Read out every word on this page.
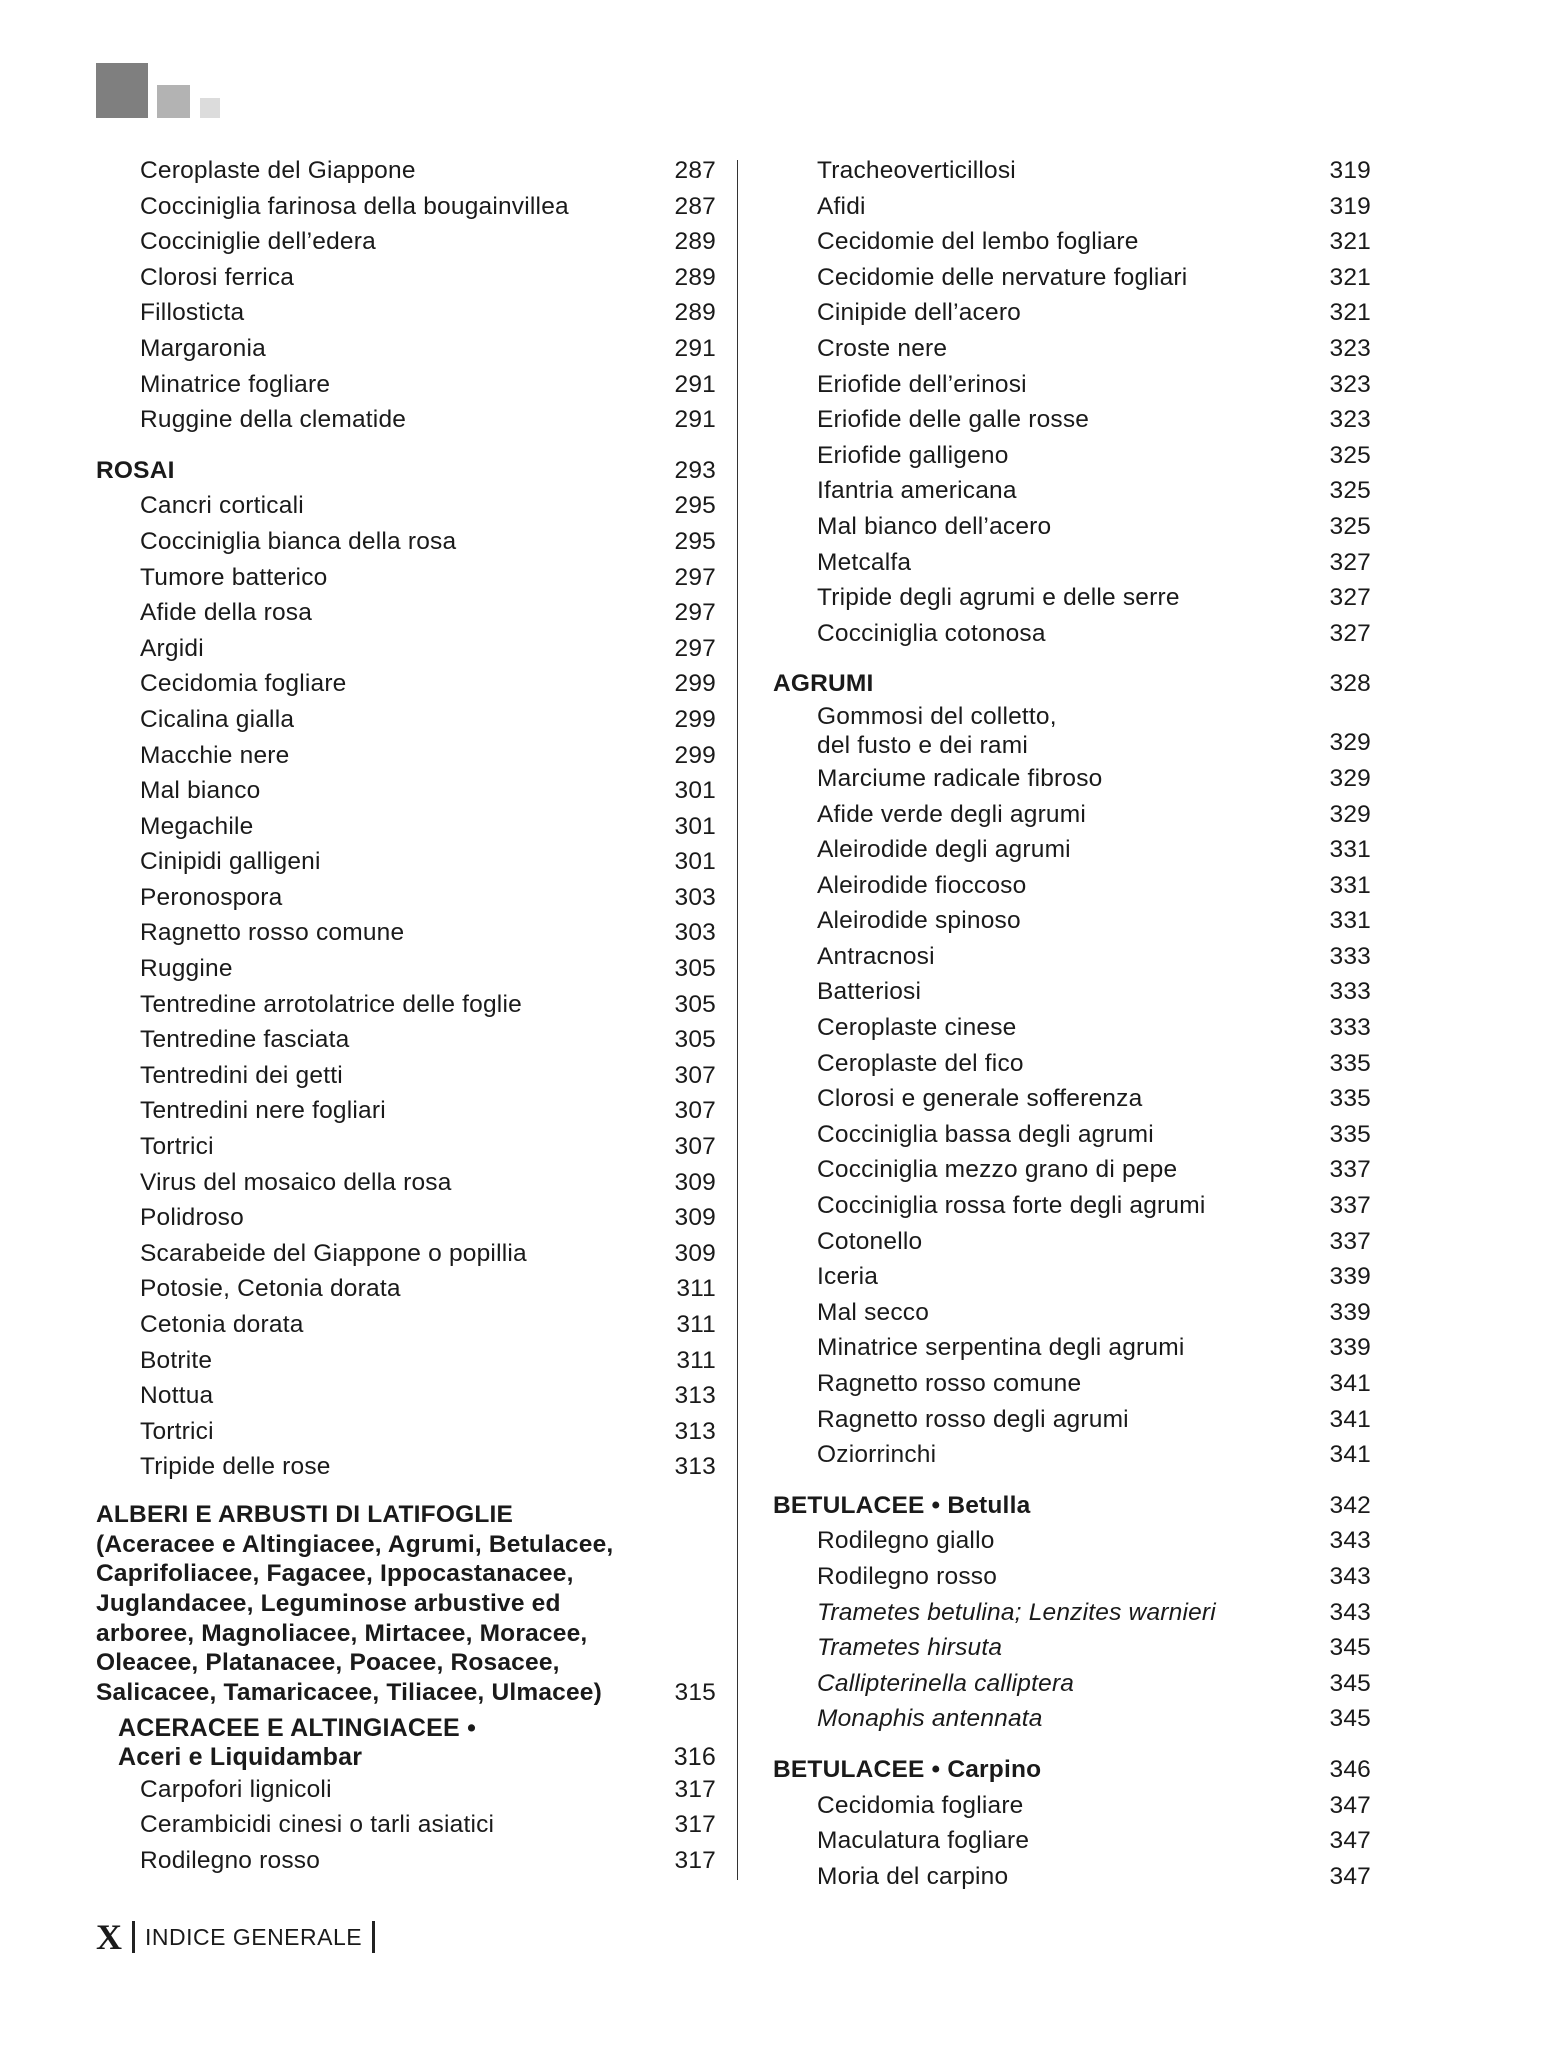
Ceroplaste del Giappone	287
Cocciniglia farinosa della bougainvillea	287
Cocciniglie dell’edera	289
Clorosi ferrica	289
Fillosticta	289
Margaronia	291
Minatrice fogliare	291
Ruggine della clematide	291
ROSAI	293
Cancri corticali	295
Cocciniglia bianca della rosa	295
Tumore batterico	297
Afide della rosa	297
Argidi	297
Cecidomia fogliare	299
Cicalina gialla	299
Macchie nere	299
Mal bianco	301
Megachile	301
Cinipidi galligeni	301
Peronospora	303
Ragnetto rosso comune	303
Ruggine	305
Tentredine arrotolatrice delle foglie	305
Tentredine fasciata	305
Tentredini dei getti	307
Tentredini nere fogliari	307
Tortrici	307
Virus del mosaico della rosa	309
Polidroso	309
Scarabeide del Giappone o popillia	309
Potosie, Cetonia dorata	311
Cetonia dorata	311
Botrite	311
Nottua	313
Tortrici	313
Tripide delle rose	313
ALBERI E ARBUSTI DI LATIFOGLIE
(Aceracee e Altingiacee, Agrumi, Betulacee,
Caprifoliacee, Fagacee, Ippocastanacee,
Juglandacee, Leguminose arbustive ed
arboree, Magnoliacee, Mirtacee, Moracee,
Oleacee, Platanacee, Poacee, Rosacee,
Salicacee, Tamaricacee, Tiliacee, Ulmacee)	315
ACERACEE E ALTINGIACEE •
Aceri e Liquidambar	316
Carpofori lignicoli	317
Cerambicidi cinesi o tarli asiatici	317
Rodilegno rosso	317
Tracheoverticillosi	319
Afidi	319
Cecidomie del lembo fogliare	321
Cecidomie delle nervature fogliari	321
Cinipide dell’acero	321
Croste nere	323
Eriofide dell’erinosi	323
Eriofide delle galle rosse	323
Eriofide galligeno	325
Ifantria americana	325
Mal bianco dell’acero	325
Metcalfa	327
Tripide degli agrumi e delle serre	327
Cocciniglia cotonosa	327
AGRUMI	328
Gommosi del colletto,
del fusto e dei rami	329
Marciume radicale fibroso	329
Afide verde degli agrumi	329
Aleirodide degli agrumi	331
Aleirodide fioccoso	331
Aleirodide spinoso	331
Antracnosi	333
Batteriosi	333
Ceroplaste cinese	333
Ceroplaste del fico	335
Clorosi e generale sofferenza	335
Cocciniglia bassa degli agrumi	335
Cocciniglia mezzo grano di pepe	337
Cocciniglia rossa forte degli agrumi	337
Cotonello	337
Iceria	339
Mal secco	339
Minatrice serpentina degli agrumi	339
Ragnetto rosso comune	341
Ragnetto rosso degli agrumi	341
Oziorrinchi	341
BETULACEE • Betulla	342
Rodilegno giallo	343
Rodilegno rosso	343
Trametes betulina; Lenzites warnieri	343
Trametes hirsuta	345
Callipterinella calliptera	345
Monaphis antennata	345
BETULACEE • Carpino	346
Cecidomia fogliare	347
Maculatura fogliare	347
Moria del carpino	347
X INDICE GENERALE
